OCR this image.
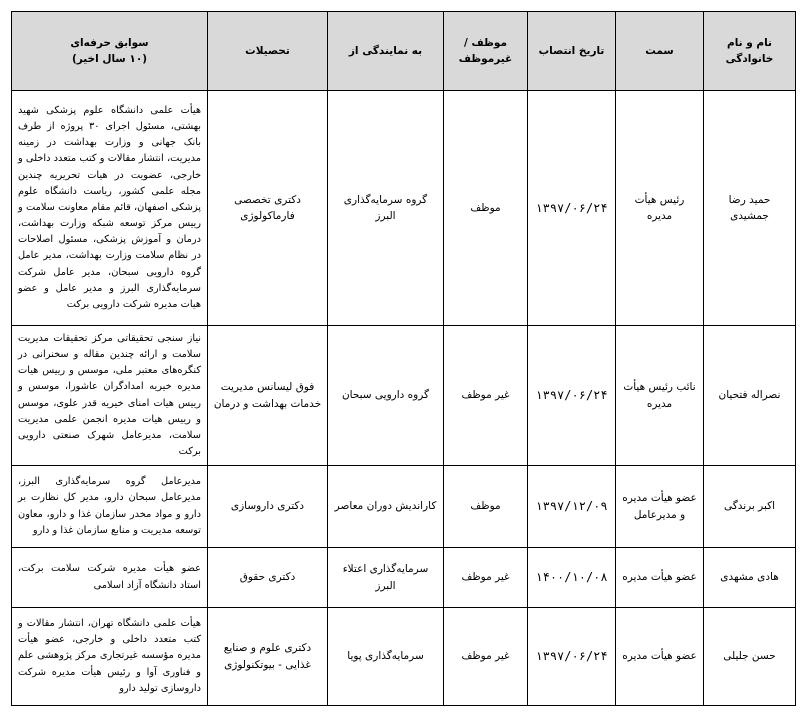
نام و نام خانوادگی	سمت	تاریخ انتصاب	موظف /غیرموظف	به نمایندگی از	تحصیلات	سوابق حرفه‌ای
(۱۰ سال اخیر)

حمید رضا جمشیدی	رئیس هیأت مدیره	۱۳۹۷/۰۶/۲۴	موظف	گروه سرمایه‌گذاری البرز	دکتری تخصصی فارماکولوژی	هیأت علمی دانشگاه علوم پزشکی شهید بهشتی، مسئول اجرای ۳۰ پروژه از طرف بانک جهانی و وزارت بهداشت در زمینه مدیریت، انتشار مقالات و کتب متعدد داخلی و خارجی، عضویت در هیات تحریریه چندین مجله علمی کشور، ریاست دانشگاه علوم پزشکی اصفهان، قائم مقام معاونت سلامت و رییس مرکز توسعه شبکه وزارت بهداشت، درمان و آموزش پزشکی، مسئول اصلاحات در نظام سلامت وزارت بهداشت، مدیر عامل گروه دارویی سبحان، مدیر عامل شرکت سرمایه‌گذاری البرز و مدیر عامل و عضو هیات مدیره شرکت دارویی برکت
نصراله فتحیان	نائب رئیس هیأت مدیره	۱۳۹۷/۰۶/۲۴	غیر موظف	گروه دارویی سبحان	فوق لیسانس مدیریت خدمات بهداشت و درمان	نیاز سنجی تحقیقاتی مرکز تحقیقات مدیریت سلامت و ارائه چندین مقاله و سخنرانی در کنگره‌های معتبر ملی، موسس و رییس هیات مدیره خیریه امدادگران عاشورا، موسس و رییس هیات امنای خیریه قدر علوی، موسس و رییس هیات مدیره انجمن علمی مدیریت سلامت، مدیرعامل شهرک صنعتی دارویی برکت
اکبر برندگی	عضو هیأت مدیره و مدیرعامل	۱۳۹۷/۱۲/۰۹	موظف	کارانديش دوران معاصر	دکتری داروسازی	مدیرعامل گروه سرمایه‌گذاری البرز، مدیرعامل سبحان دارو، مدیر کل نظارت بر دارو و مواد مخدر سازمان غذا و دارو، معاون توسعه مدیریت و منابع سازمان غذا و دارو
هادی مشهدی	عضو هیأت مدیره	۱۴۰۰/۱۰/۰۸	غیر موظف	سرمایه‌گذاری اعتلاء البرز	دکتری حقوق	عضو هیأت مدیره شرکت سلامت برکت، استاد دانشگاه آزاد اسلامی
حسن جلیلی	عضو هیأت مدیره	۱۳۹۷/۰۶/۲۴	غیر موظف	سرمایه‌گذاری پویا	دکتری علوم و صنایع غذایی - بیوتکنولوژی	هیأت علمی دانشگاه تهران، انتشار مقالات و کتب متعدد داخلی و خارجی، عضو هیأت مدیره مؤسسه غیرتجاری مرکز پژوهشی علم و فناوری آوا و رئیس هیأت مدیره شرکت داروسازی تولید دارو
